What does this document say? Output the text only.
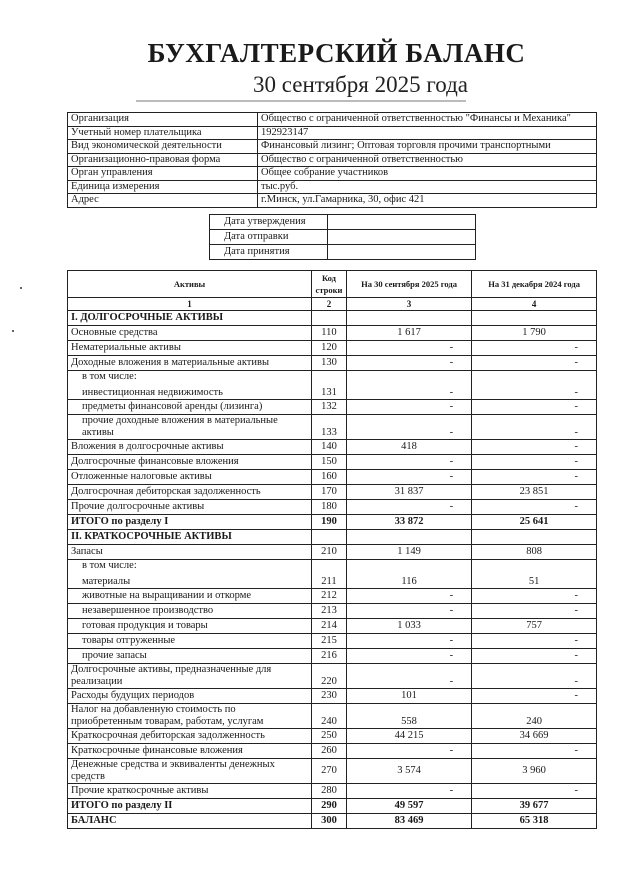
БУХГАЛТЕРСКИЙ БАЛАНС
30 сентября 2025 года
Организация	Общество с ограниченной ответственностью "Финансы и Механика"
Учетный номер плательщика	192923147
Вид экономической деятельности	Финансовый лизинг; Оптовая торговля прочими транспортными
Организационно-правовая форма	Общество с ограниченной ответственностью
Орган управления	Общее собрание участников
Единица измерения	тыс.руб.
Адрес	г.Минск, ул.Гамарника, 30, офис 421
Дата утверждения	
Дата отправки	
Дата принятия	
Активы	Код строки	На 30 сентября 2025 года	На 31 декабря 2024 года
1	2	3	4
I. ДОЛГОСРОЧНЫЕ АКТИВЫ			
Основные средства	110	1 617	1 790
Нематериальные активы	120	-	-
Доходные вложения в материальные активы	130	-	-

в том числе:
инвестиционная недвижимость	131	-	-
предметы финансовой аренды (лизинга)	132	-	-
прочие доходные вложения в материальные активы	133	-	-
Вложения в долгосрочные активы	140	418	-
Долгосрочные финансовые вложения	150	-	-
Отложенные налоговые активы	160	-	-
Долгосрочная дебиторская задолженность	170	31 837	23 851
Прочие долгосрочные активы	180	-	-
ИТОГО по разделу I	190	33 872	25 641
II. КРАТКОСРОЧНЫЕ АКТИВЫ			
Запасы	210	1 149	808

в том числе:
материалы	211	116	51
животные на выращивании и откорме	212	-	-
незавершенное производство	213	-	-
готовая продукция и товары	214	1 033	757
товары отгруженные	215	-	-
прочие запасы	216	-	-
Долгосрочные активы, предназначенные для реализации	220	-	-
Расходы будущих периодов	230	101	-
Налог на добавленную стоимость по приобретенным товарам, работам, услугам	240	558	240
Краткосрочная дебиторская задолженность	250	44 215	34 669
Краткосрочные финансовые вложения	260	-	-
Денежные средства и эквиваленты денежных средств	270	3 574	3 960
Прочие краткосрочные активы	280	-	-
ИТОГО по разделу II	290	49 597	39 677
БАЛАНС	300	83 469	65 318
